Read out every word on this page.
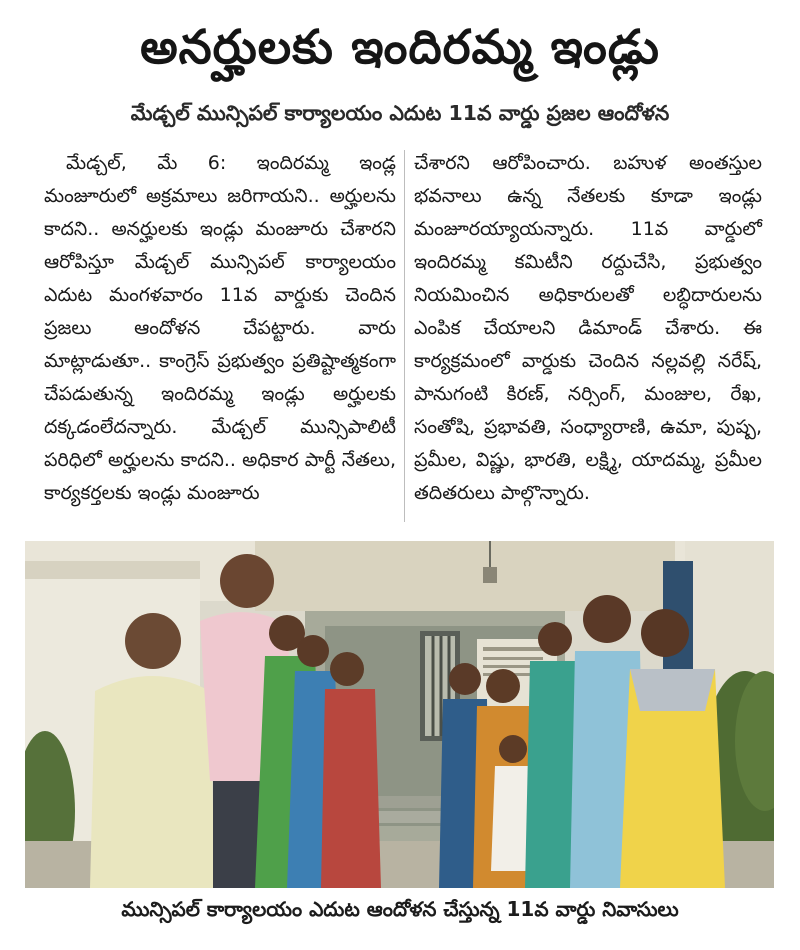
అనర్హులకు ఇందిరమ్మ ఇండ్లు
మేడ్చల్ మున్సిపల్ కార్యాలయం ఎదుట 11వ వార్డు ప్రజల ఆందోళన
మేడ్చల్, మే 6: ఇందిరమ్మ ఇండ్ల మంజూరులో అక్రమాలు జరిగాయని.. అర్హులను కాదని.. అనర్హులకు ఇండ్లు మంజూరు చేశారని ఆరోపిస్తూ మేడ్చల్ మున్సిపల్ కార్యాలయం ఎదుట మంగళవారం 11వ వార్డుకు చెందిన ప్రజలు ఆందోళన చేపట్టారు. వారు మాట్లాడుతూ.. కాంగ్రెస్ ప్రభుత్వం ప్రతిష్టాత్మకంగా చేపడుతున్న ఇందిరమ్మ ఇండ్లు అర్హులకు దక్కడంలేదన్నారు. మేడ్చల్ మున్సిపాలిటీ పరిధిలో అర్హులను కాదని.. అధికార పార్టీ నేతలు, కార్యకర్తలకు ఇండ్లు మంజూరు
చేశారని ఆరోపించారు. బహుళ అంతస్తుల భవనాలు ఉన్న నేతలకు కూడా ఇండ్లు మంజూరయ్యాయన్నారు. 11వ వార్డులో ఇందిరమ్మ కమిటీని రద్దుచేసి, ప్రభుత్వం నియమించిన అధికారులతో లబ్ధిదారులను ఎంపిక చేయాలని డిమాండ్ చేశారు. ఈ కార్యక్రమంలో వార్డుకు చెందిన నల్లవల్లి నరేష్, పానుగంటి కిరణ్, నర్సింగ్, మంజుల, రేఖ, సంతోషి, ప్రభావతి, సంధ్యారాణి, ఉమా, పుష్ప, ప్రమీల, విష్ణు, భారతి, లక్ష్మి, యాదమ్మ, ప్రమీల తదితరులు పాల్గొన్నారు.
మున్సిపల్ కార్యాలయం ఎదుట ఆందోళన చేస్తున్న 11వ వార్డు నివాసులు
